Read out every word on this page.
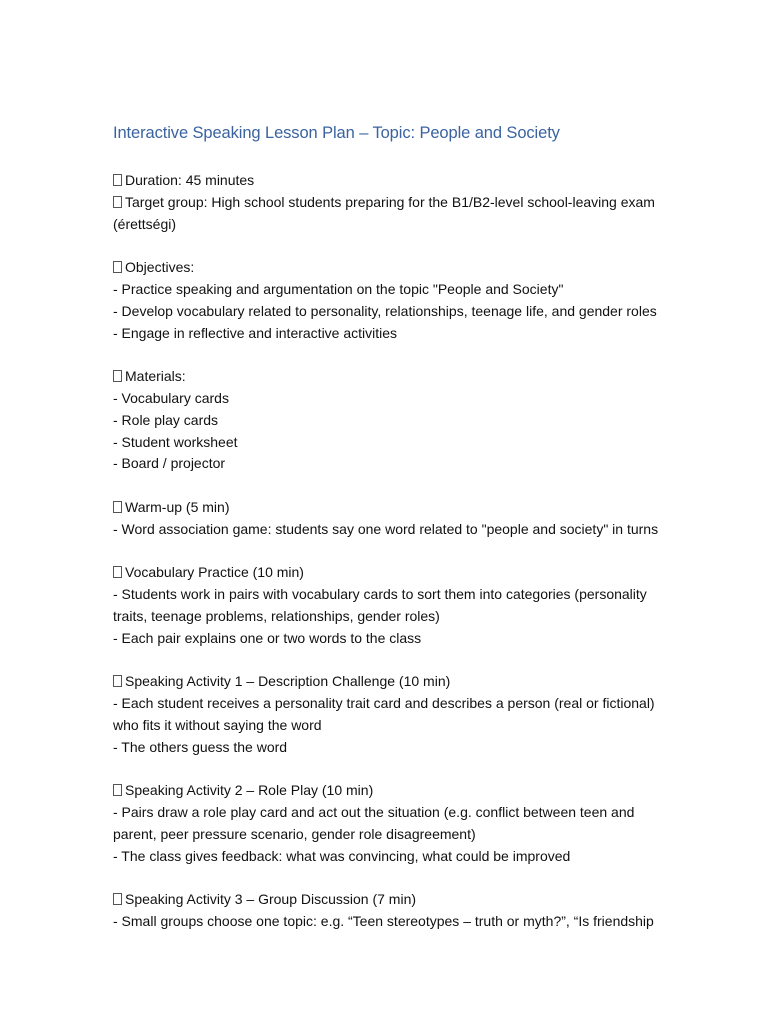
Interactive Speaking Lesson Plan – Topic: People and Society
Duration: 45 minutes
Target group: High school students preparing for the B1/B2-level school-leaving exam
(érettségi)
Objectives:
- Practice speaking and argumentation on the topic "People and Society"
- Develop vocabulary related to personality, relationships, teenage life, and gender roles
- Engage in reflective and interactive activities
Materials:
- Vocabulary cards
- Role play cards
- Student worksheet
- Board / projector
Warm-up (5 min)
- Word association game: students say one word related to "people and society" in turns
Vocabulary Practice (10 min)
- Students work in pairs with vocabulary cards to sort them into categories (personality
traits, teenage problems, relationships, gender roles)
- Each pair explains one or two words to the class
Speaking Activity 1 – Description Challenge (10 min)
- Each student receives a personality trait card and describes a person (real or fictional)
who fits it without saying the word
- The others guess the word
Speaking Activity 2 – Role Play (10 min)
- Pairs draw a role play card and act out the situation (e.g. conflict between teen and
parent, peer pressure scenario, gender role disagreement)
- The class gives feedback: what was convincing, what could be improved
Speaking Activity 3 – Group Discussion (7 min)
- Small groups choose one topic: e.g. “Teen stereotypes – truth or myth?”, “Is friendship
